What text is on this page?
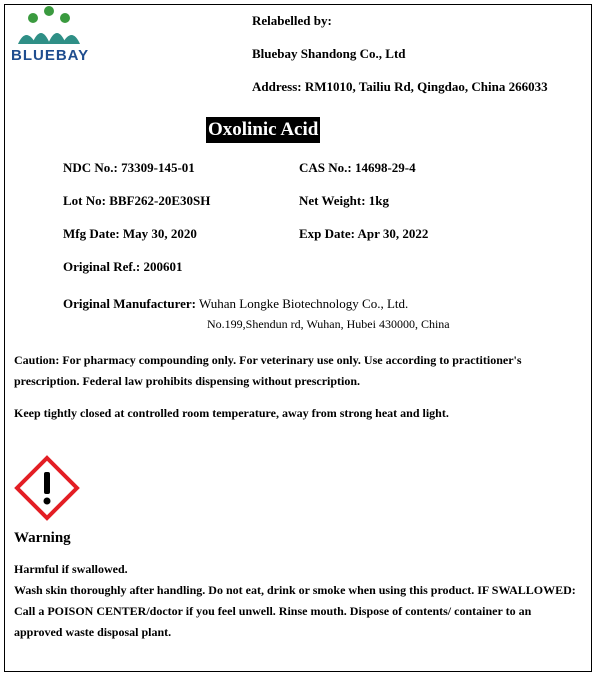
BLUEBAY
Relabelled by:
Bluebay Shandong Co., Ltd
Address: RM1010, Tailiu Rd, Qingdao, China 266033
Oxolinic Acid
NDC No.: 73309-145-01	CAS No.: 14698-29-4
Lot No: BBF262-20E30SH	Net Weight: 1kg
Mfg Date: May 30, 2020	Exp Date: Apr 30, 2022
Original Ref.: 200601
Original Manufacturer: Wuhan Longke Biotechnology Co., Ltd.
No.199,Shendun rd, Wuhan, Hubei 430000, China
Caution: For pharmacy compounding only. For veterinary use only. Use according to practitioner's
prescription. Federal law prohibits dispensing without prescription.
Keep tightly closed at controlled room temperature, away from strong heat and light.
Warning
Harmful if swallowed.
Wash skin thoroughly after handling. Do not eat, drink or smoke when using this product. IF SWALLOWED:
Call a POISON CENTER/doctor if you feel unwell. Rinse mouth. Dispose of contents/ container to an
approved waste disposal plant.
